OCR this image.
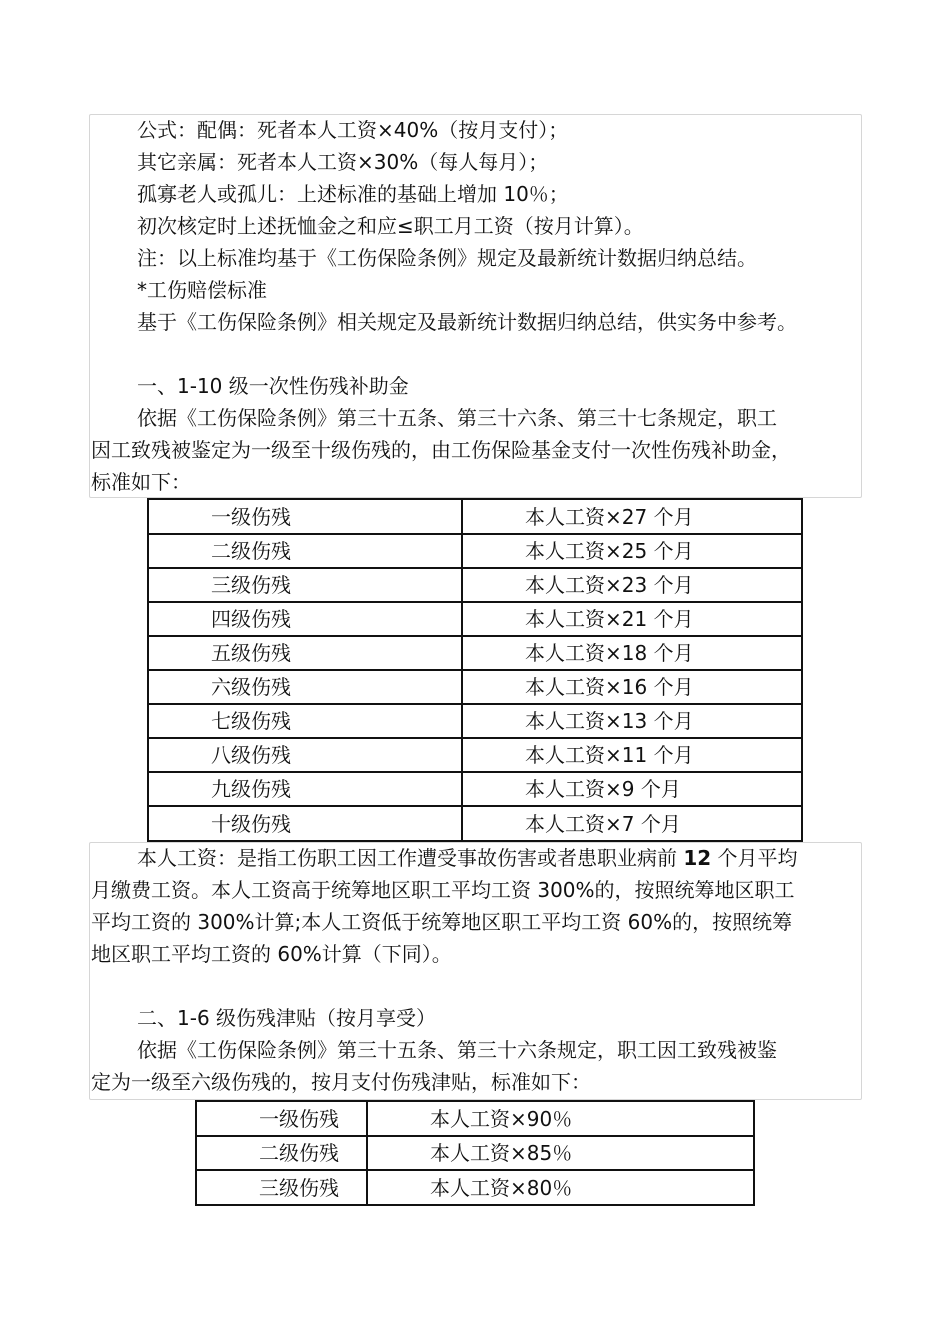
公式：配偶：死者本人工资×40%（按月支付）；

其它亲属：死者本人工资×30%（每人每月）；

孤寡老人或孤儿：上述标准的基础上增加 10％；

初次核定时上述抚恤金之和应≤职工月工资（按月计算）。

注：以上标准均基于《工伤保险条例》规定及最新统计数据归纳总结。

*工伤赔偿标准

基于《工伤保险条例》相关规定及最新统计数据归纳总结，供实务中参考。

一、1-10 级一次性伤残补助金

依据《工伤保险条例》第三十五条、第三十六条、第三十七条规定，职工

因工致残被鉴定为一级至十级伤残的，由工伤保险基金支付一次性伤残补助金，

标准如下：

一级伤残	本人工资×27 个月
二级伤残	本人工资×25 个月
三级伤残	本人工资×23 个月
四级伤残	本人工资×21 个月
五级伤残	本人工资×18 个月
六级伤残	本人工资×16 个月
七级伤残	本人工资×13 个月
八级伤残	本人工资×11 个月
九级伤残	本人工资×9 个月
十级伤残	本人工资×7 个月

本人工资：是指工伤职工因工作遭受事故伤害或者患职业病前 12 个月平均

月缴费工资。本人工资高于统筹地区职工平均工资 300%的，按照统筹地区职工

平均工资的 300%计算;本人工资低于统筹地区职工平均工资 60%的，按照统筹

地区职工平均工资的 60%计算（下同）。

二、1-6 级伤残津贴（按月享受）

依据《工伤保险条例》第三十五条、第三十六条规定，职工因工致残被鉴

定为一级至六级伤残的，按月支付伤残津贴，标准如下：

一级伤残	本人工资×90％
二级伤残	本人工资×85％
三级伤残	本人工资×80％
